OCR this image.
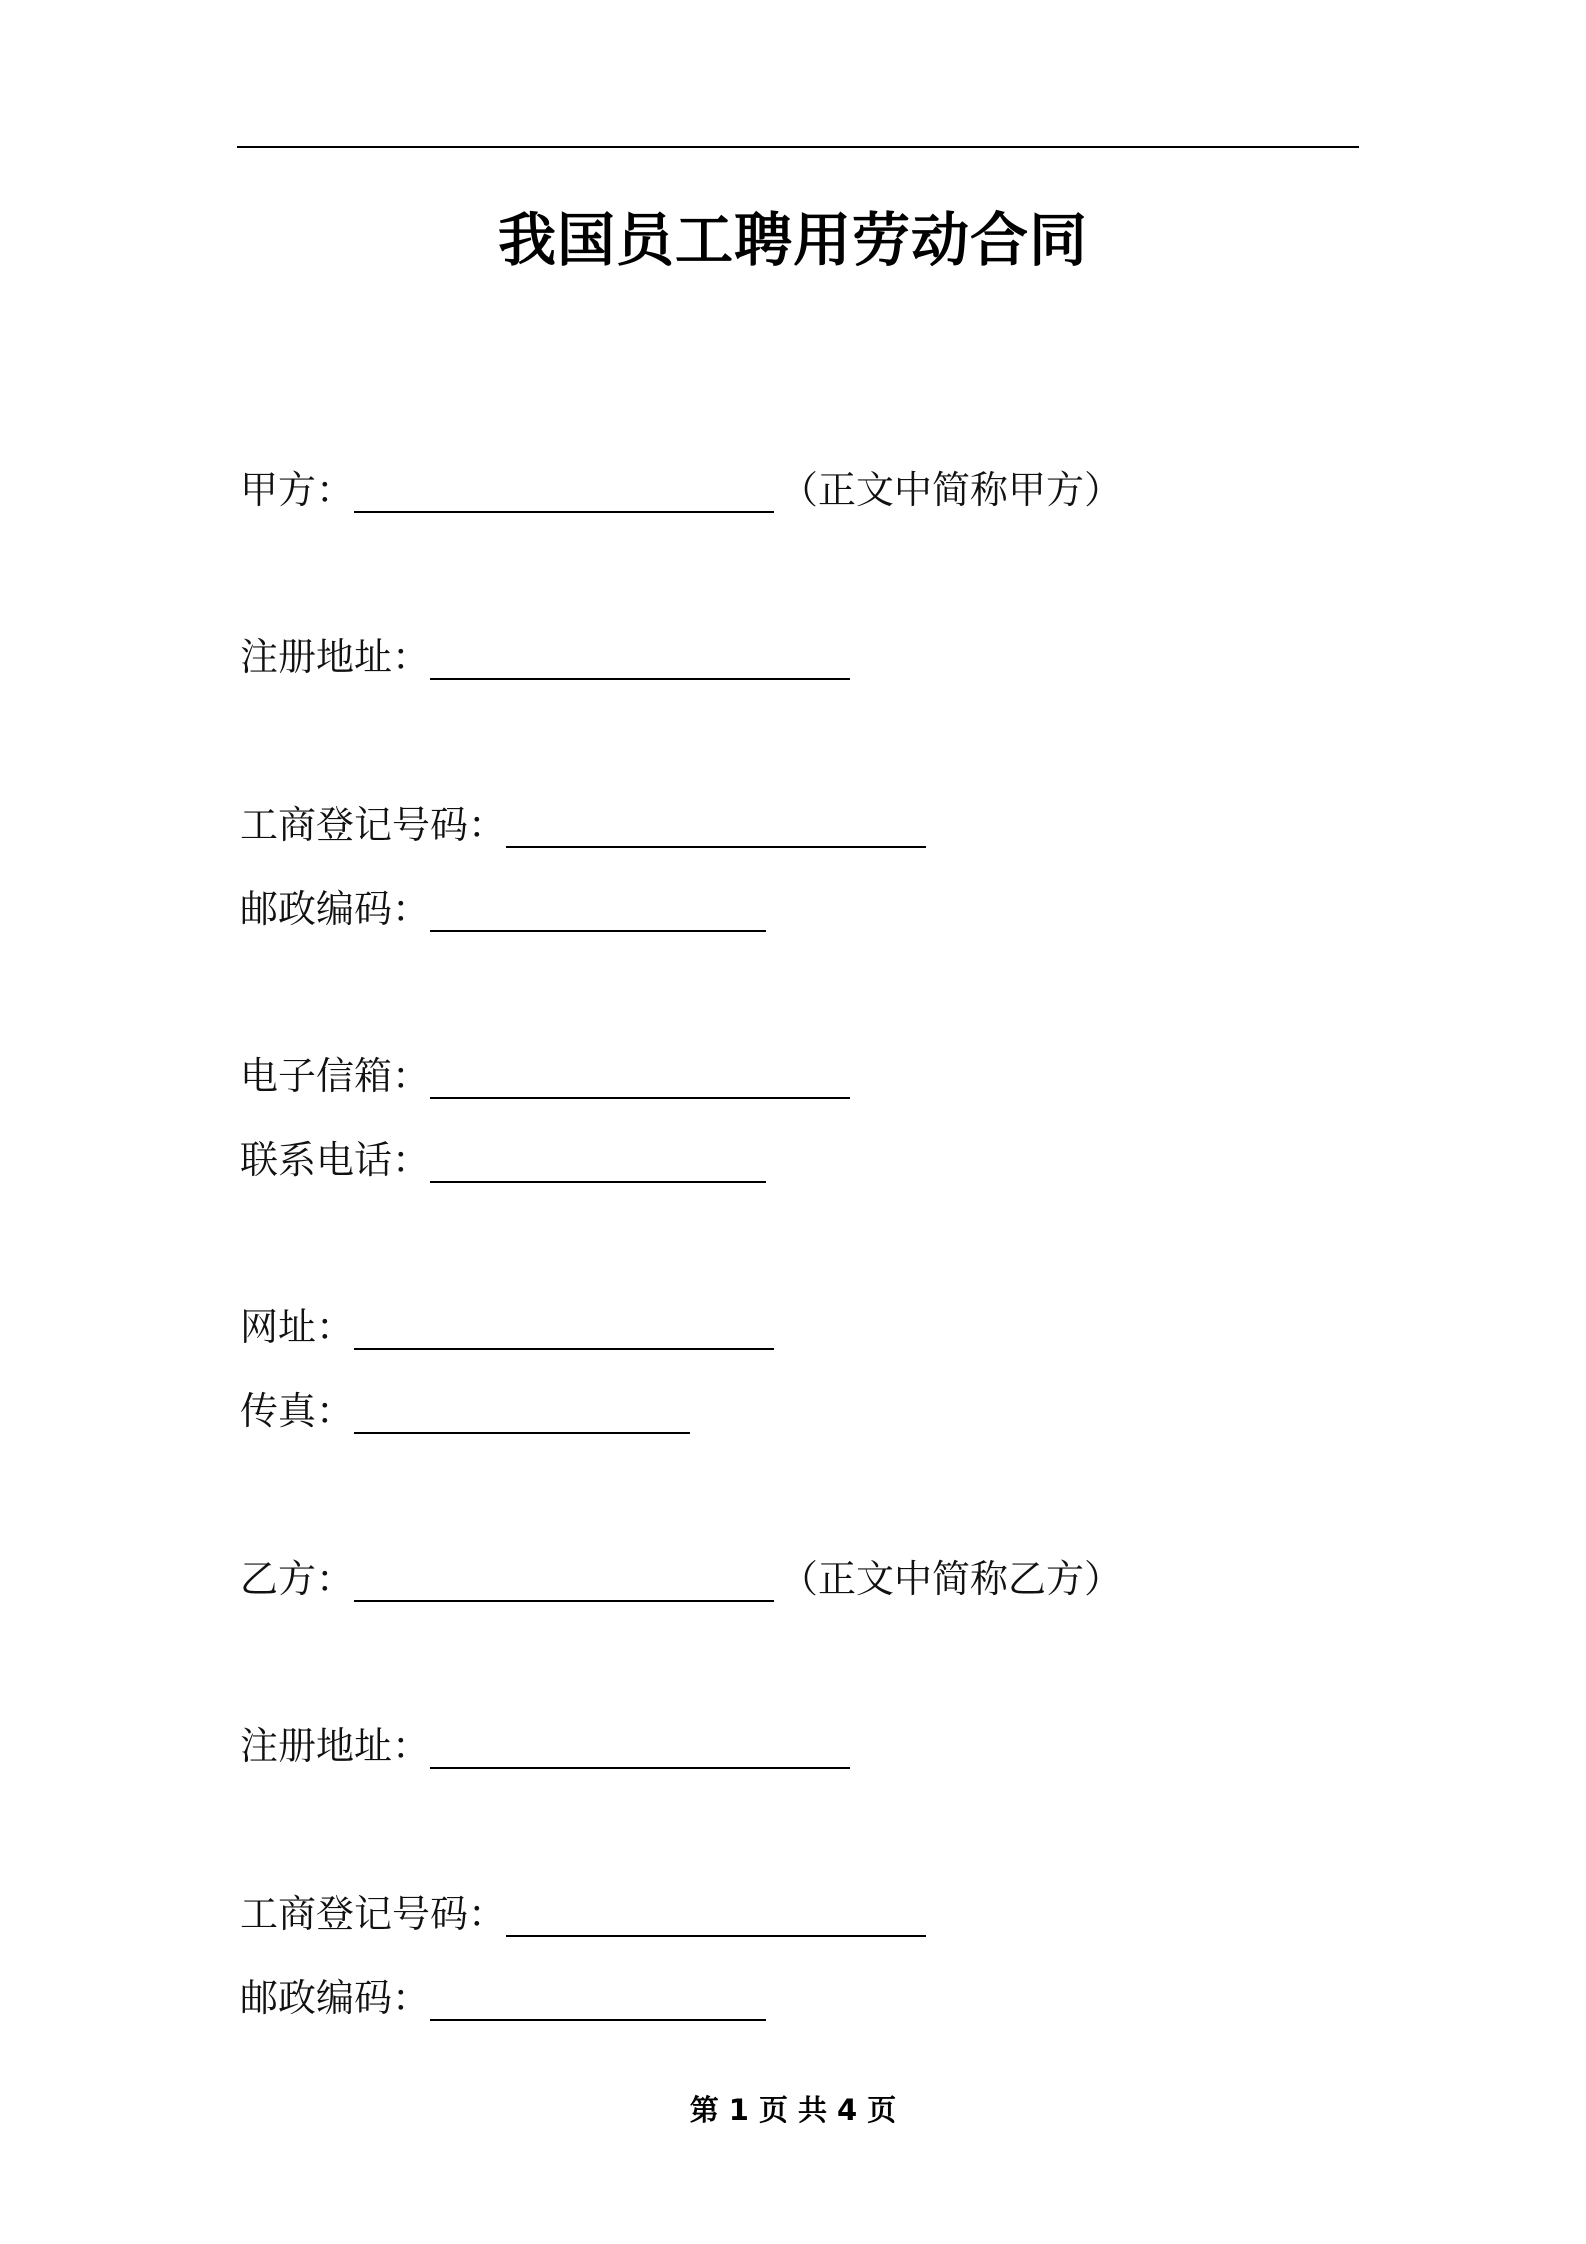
我国员工聘用劳动合同
甲方 ：	（正文中简称甲方）
注册地址 ：
工商登记号码 ：
邮政编码 ：
电子信箱 ：
联系电话 ：
网址 ：
传真 ：
乙方 ：	（正文中简称乙方）
注册地址 ：
工商登记号码 ：
邮政编码 ：
第 1 页 共 4 页
